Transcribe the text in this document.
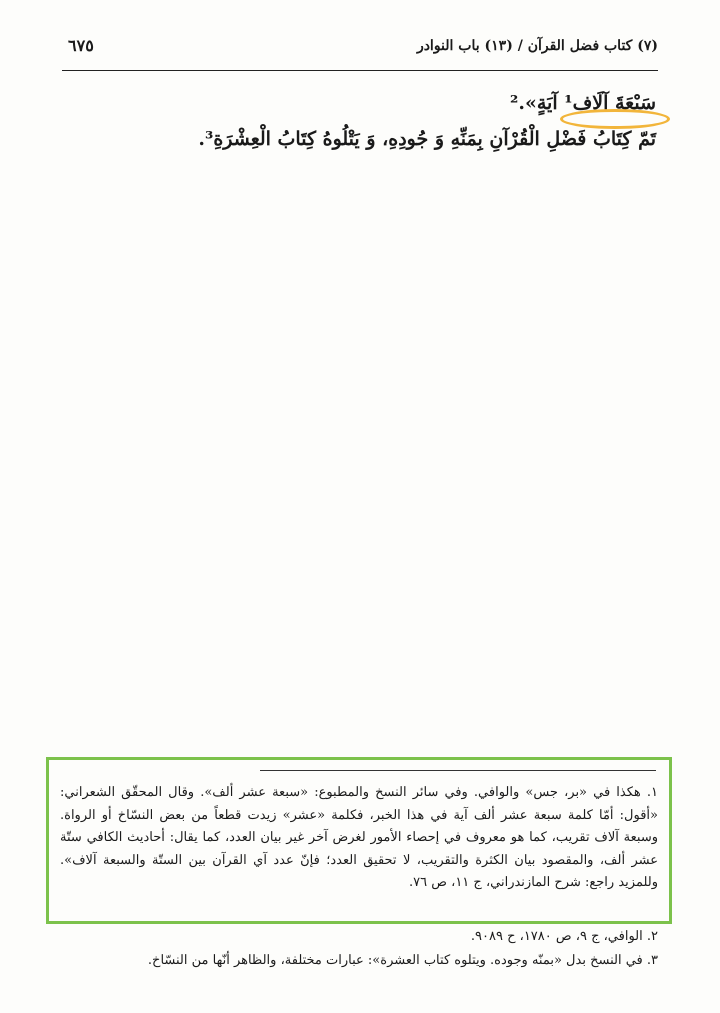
(٧) كتاب فضل القرآن / (١٣) باب النوادر
٦٧٥
سَبْعَةَ آلَافِ¹ آيَةٍ».²
تَمّ كِتَابُ فَضْلِ الْقُرْآنِ بِمَنِّهِ وَ جُودِهِ، وَ يَتْلُوهُ كِتَابُ الْعِشْرَةِ³.

١. هكذا في «بر، جس» والوافي. وفي سائر النسخ والمطبوع: «سبعة عشر ألف». وقال المحقّق الشعراني: «أقول: أمّا كلمة سبعة عشر ألف آية في هذا الخبر، فكلمة «عشر» زيدت قطعاً من بعض النسّاخ أو الرواة. وسبعة آلاف تقريب، كما هو معروف في إحصاء الأمور لغرض آخر غير بيان العدد، كما يقال: أحاديث الكافي ستّة عشر ألف، والمقصود بيان الكثرة والتقريب، لا تحقيق العدد؛ فإنّ عدد آي القرآن بين الستّة والسبعة آلاف». وللمزيد راجع: شرح المازندراني، ج ١١، ص ٧٦.

٢. الوافي، ج ٩، ص ١٧٨٠، ح ٩٠٨٩.
٣. في النسخ بدل «بمنّه وجوده. ويتلوه كتاب العشرة»: عبارات مختلفة، والظاهر أنّها من النسّاخ.
